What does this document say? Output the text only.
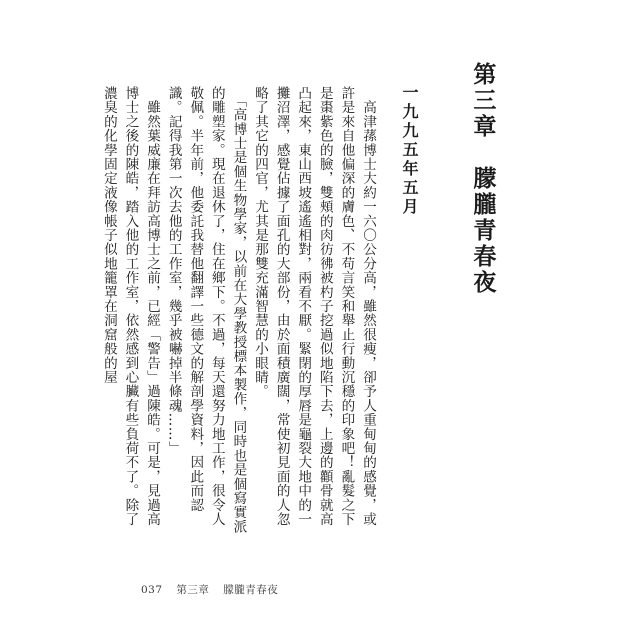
第三章　朦朧青春夜
一九九五年五月

　高津蓀博士大約一六〇公分高，雖然很瘦，卻予人重甸甸的感覺，或許是來自他偏深的膚色、不苟言笑和舉止行動沉穩的印象吧！亂髮之下是棗紫色的臉，雙頰的肉彷彿被杓子挖過似地陷下去，上邊的顴骨就高凸起來，東山西坡遙遙相對，兩看不厭。緊閉的厚唇是龜裂大地中的一攤沼澤，感覺佔據了面孔的大部份，由於面積廣闊，常使初見面的人忽略了其它的四官，尤其是那雙充滿智慧的小眼睛。

　「高博士是個生物學家，以前在大學教授標本製作，同時也是個寫實派的雕塑家。現在退休了，住在鄉下。不過，每天還努力地工作，很令人敬佩。半年前，他委託我替他翻譯一些德文的解剖學資料，因此而認識。記得我第一次去他的工作室，幾乎被嚇掉半條魂……」

　雖然葉威廉在拜訪高博士之前，已經「警告」過陳皓。可是，見過高博士之後的陳皓，踏入他的工作室，依然感到心臟有些負荷不了。除了濃臭的化學固定液像帳子似地籠罩在洞窟般的屋

037 第三章 朦朧青春夜
